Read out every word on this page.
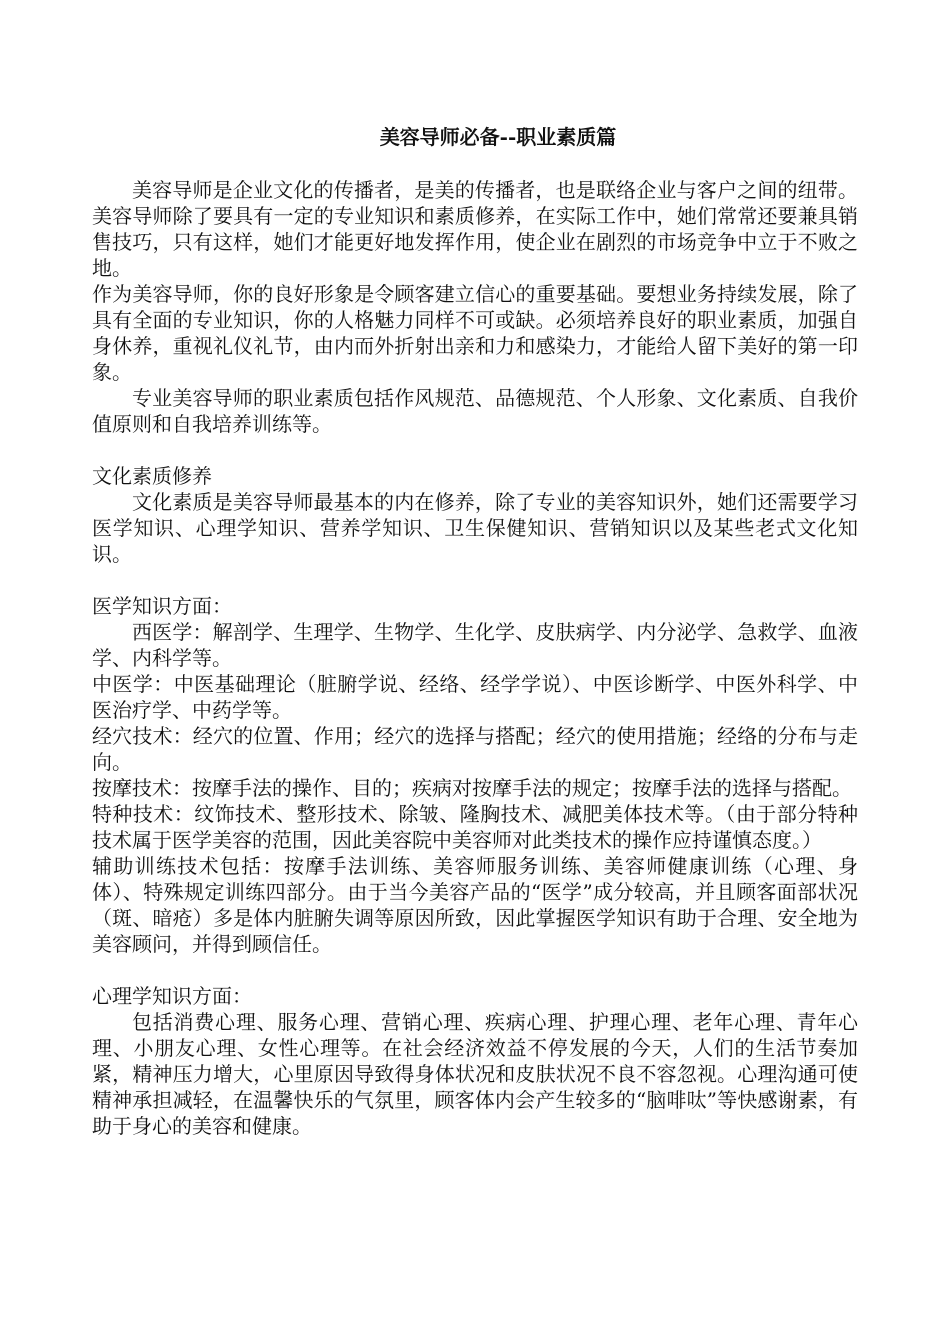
美容导师必备--职业素质篇

美容导师是企业文化的传播者，是美的传播者，也是联络企业与客户之间的纽带。美容导师除了要具有一定的专业知识和素质修养，在实际工作中，她们常常还要兼具销售技巧，只有这样，她们才能更好地发挥作用，使企业在剧烈的市场竞争中立于不败之地。

作为美容导师，你的良好形象是令顾客建立信心的重要基础。要想业务持续发展，除了具有全面的专业知识，你的人格魅力同样不可或缺。必须培养良好的职业素质，加强自身休养，重视礼仪礼节，由内而外折射出亲和力和感染力，才能给人留下美好的第一印象。

专业美容导师的职业素质包括作风规范、品德规范、个人形象、文化素质、自我价值原则和自我培养训练等。

文化素质修养

文化素质是美容导师最基本的内在修养，除了专业的美容知识外，她们还需要学习医学知识、心理学知识、营养学知识、卫生保健知识、营销知识以及某些老式文化知识。

医学知识方面：

西医学：解剖学、生理学、生物学、生化学、皮肤病学、内分泌学、急救学、血液学、内科学等。

中医学：中医基础理论（脏腑学说、经络、经学学说）、中医诊断学、中医外科学、中医治疗学、中药学等。

经穴技术：经穴的位置、作用；经穴的选择与搭配；经穴的使用措施；经络的分布与走向。

按摩技术：按摩手法的操作、目的；疾病对按摩手法的规定；按摩手法的选择与搭配。

特种技术：纹饰技术、整形技术、除皱、隆胸技术、减肥美体技术等。（由于部分特种技术属于医学美容的范围，因此美容院中美容师对此类技术的操作应持谨慎态度。）

辅助训练技术包括：按摩手法训练、美容师服务训练、美容师健康训练（心理、身体）、特殊规定训练四部分。由于当今美容产品的“医学”成分较高，并且顾客面部状况（斑、暗疮）多是体内脏腑失调等原因所致，因此掌握医学知识有助于合理、安全地为美容顾问，并得到顾信任。

心理学知识方面：

包括消费心理、服务心理、营销心理、疾病心理、护理心理、老年心理、青年心理、小朋友心理、女性心理等。在社会经济效益不停发展的今天，人们的生活节奏加紧，精神压力增大，心里原因导致得身体状况和皮肤状况不良不容忽视。心理沟通可使精神承担减轻，在温馨快乐的气氛里，顾客体内会产生较多的“脑啡呔”等快感谢素，有助于身心的美容和健康。
